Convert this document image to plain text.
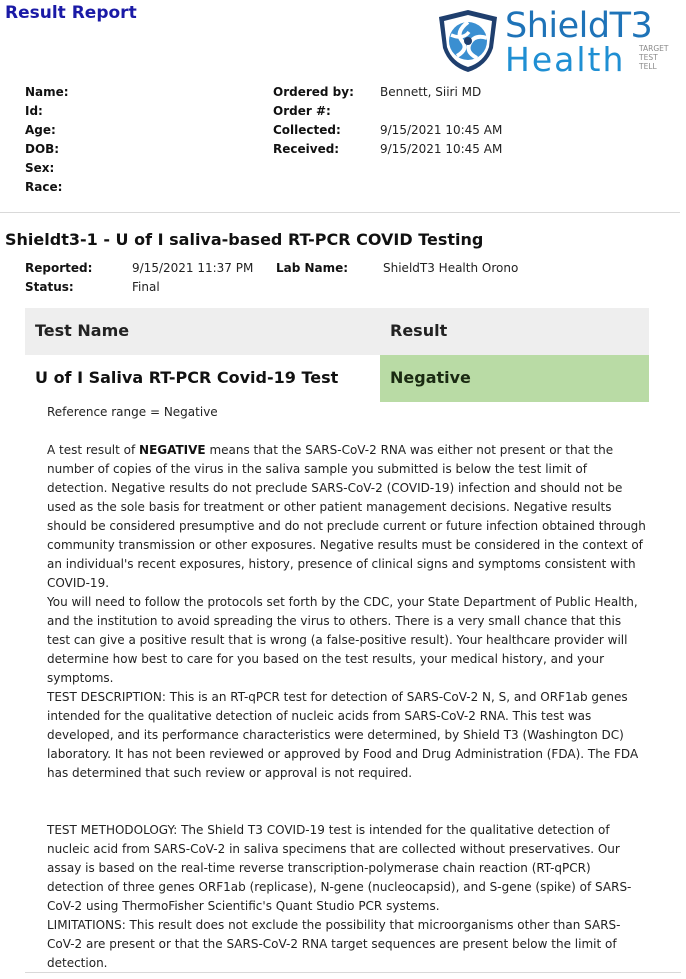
Result Report	ShieldT3
Health TARGET
TEST
TELL
Name:
Id:
Age:
DOB:
Sex:
Race:
Ordered by: Bennett, Siiri MD
Order #:
Collected:	9/15/2021 10:45 AM
Received:	9/15/2021 10:45 AM
Shieldt3-1 - U of I saliva-based RT-PCR COVID Testing
Reported:	9/15/2021 11:37 PM Lab Name:	ShieldT3 Health Orono
Status:	Final
Test Name	Result
U of I Saliva RT-PCR Covid-19 Test	Negative

Reference range = Negative

A test result of NEGATIVE means that the SARS-CoV-2 RNA was either not present or that the number of copies of the virus in the saliva sample you submitted is below the test limit of detection. Negative results do not preclude SARS-CoV-2 (COVID-19) infection and should not be used as the sole basis for treatment or other patient management decisions. Negative results should be considered presumptive and do not preclude current or future infection obtained through community transmission or other exposures. Negative results must be considered in the context of an individual's recent exposures, history, presence of clinical signs and symptoms consistent with COVID-19.

You will need to follow the protocols set forth by the CDC, your State Department of Public Health, and the institution to avoid spreading the virus to others. There is a very small chance that this test can give a positive result that is wrong (a false-positive result). Your healthcare provider will determine how best to care for you based on the test results, your medical history, and your symptoms.

TEST DESCRIPTION: This is an RT-qPCR test for detection of SARS-CoV-2 N, S, and ORF1ab genes intended for the qualitative detection of nucleic acids from SARS-CoV-2 RNA. This test was developed, and its performance characteristics were determined, by Shield T3 (Washington DC) laboratory. It has not been reviewed or approved by Food and Drug Administration (FDA). The FDA has determined that such review or approval is not required.

TEST METHODOLOGY: The Shield T3 COVID-19 test is intended for the qualitative detection of nucleic acid from SARS-CoV-2 in saliva specimens that are collected without preservatives. Our assay is based on the real-time reverse transcription-polymerase chain reaction (RT-qPCR) detection of three genes ORF1ab (replicase), N-gene (nucleocapsid), and S-gene (spike) of SARS-CoV-2 using ThermoFisher Scientific's Quant Studio PCR systems.

LIMITATIONS: This result does not exclude the possibility that microorganisms other than SARS-CoV-2 are present or that the SARS-CoV-2 RNA target sequences are present below the limit of detection.
